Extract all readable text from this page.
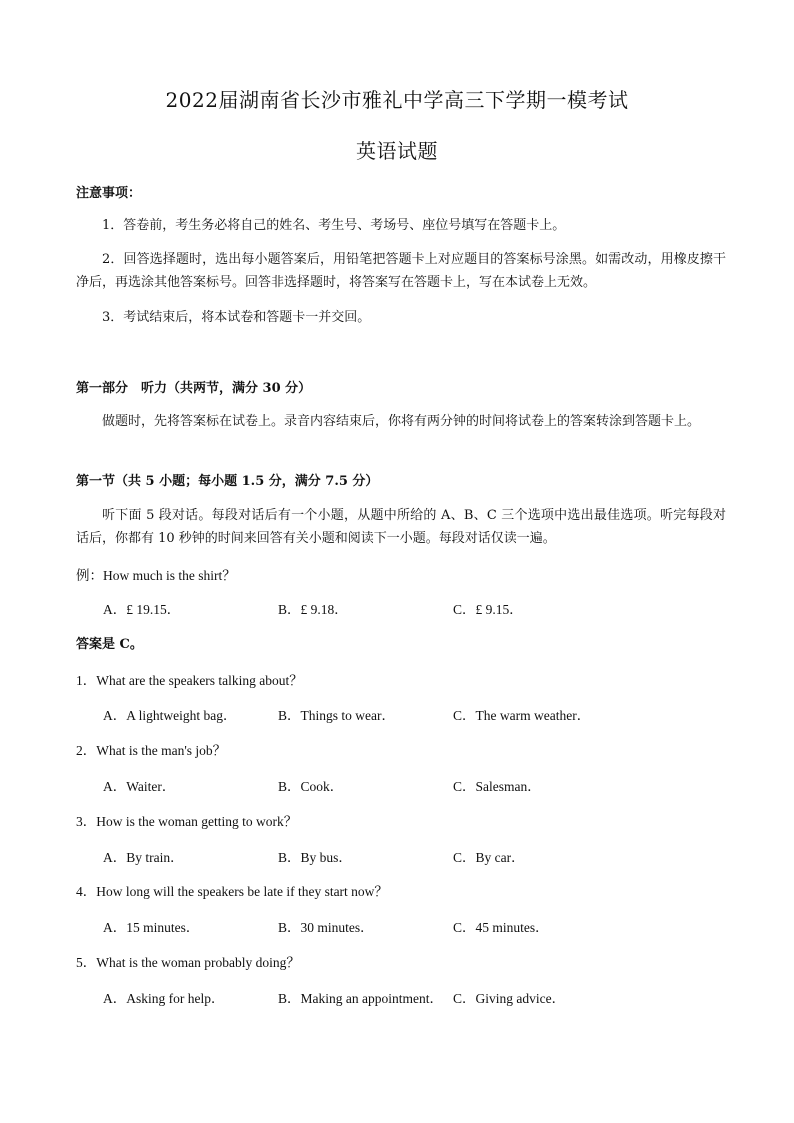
2022届湖南省长沙市雅礼中学高三下学期一模考试
英语试题
注意事项：
1．答卷前，考生务必将自己的姓名、考生号、考场号、座位号填写在答题卡上。
2．回答选择题时，选出每小题答案后，用铅笔把答题卡上对应题目的答案标号涂黑。如需改动，用橡皮擦干净后，再选涂其他答案标号。回答非选择题时，将答案写在答题卡上，写在本试卷上无效。
3．考试结束后，将本试卷和答题卡一并交回。
第一部分　听力（共两节，满分 30 分）
做题时，先将答案标在试卷上。录音内容结束后，你将有两分钟的时间将试卷上的答案转涂到答题卡上。
第一节（共 5 小题；每小题 1.5 分，满分 7.5 分）
听下面 5 段对话。每段对话后有一个小题，从题中所给的 A、B、C 三个选项中选出最佳选项。听完每段对话后，你都有 10 秒钟的时间来回答有关小题和阅读下一小题。每段对话仅读一遍。
例：How much is the shirt？
A．£ 19.15．	B．£ 9.18．	C．£ 9.15．
答案是 C。
1．What are the speakers talking about？
A．A lightweight bag．	B．Things to wear．	C．The warm weather．
2．What is the man's job？
A．Waiter．	B．Cook．	C．Salesman．
3．How is the woman getting to work？
A．By train．	B．By bus．	C．By car．
4．How long will the speakers be late if they start now？
A．15 minutes．	B．30 minutes．	C．45 minutes．
5．What is the woman probably doing？
A．Asking for help．	B．Making an appointment． C．Giving advice．
